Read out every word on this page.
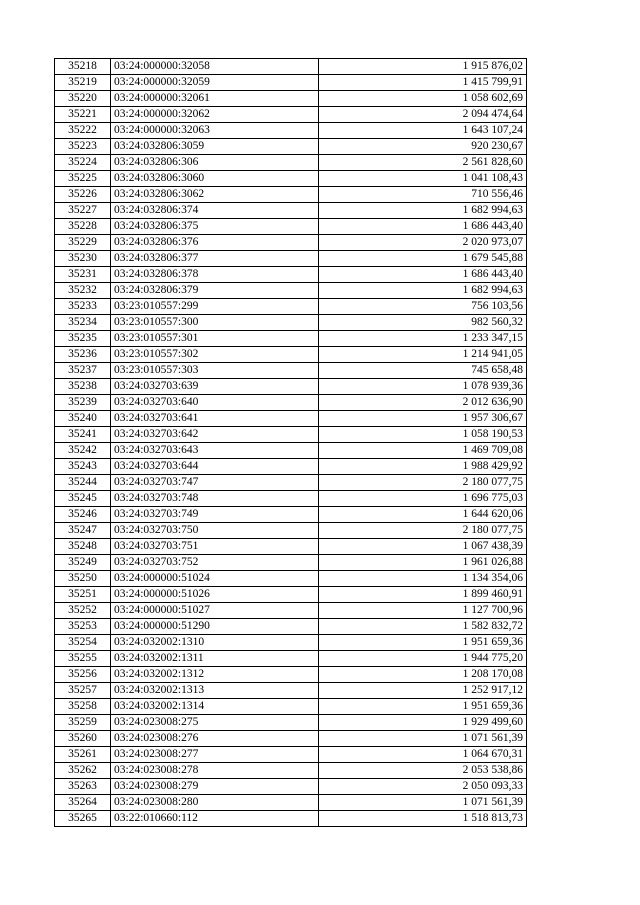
35218	03:24:000000:32058	1 915 876,02
35219	03:24:000000:32059	1 415 799,91
35220	03:24:000000:32061	1 058 602,69
35221	03:24:000000:32062	2 094 474,64
35222	03:24:000000:32063	1 643 107,24
35223	03:24:032806:3059	920 230,67
35224	03:24:032806:306	2 561 828,60
35225	03:24:032806:3060	1 041 108,43
35226	03:24:032806:3062	710 556,46
35227	03:24:032806:374	1 682 994,63
35228	03:24:032806:375	1 686 443,40
35229	03:24:032806:376	2 020 973,07
35230	03:24:032806:377	1 679 545,88
35231	03:24:032806:378	1 686 443,40
35232	03:24:032806:379	1 682 994,63
35233	03:23:010557:299	756 103,56
35234	03:23:010557:300	982 560,32
35235	03:23:010557:301	1 233 347,15
35236	03:23:010557:302	1 214 941,05
35237	03:23:010557:303	745 658,48
35238	03:24:032703:639	1 078 939,36
35239	03:24:032703:640	2 012 636,90
35240	03:24:032703:641	1 957 306,67
35241	03:24:032703:642	1 058 190,53
35242	03:24:032703:643	1 469 709,08
35243	03:24:032703:644	1 988 429,92
35244	03:24:032703:747	2 180 077,75
35245	03:24:032703:748	1 696 775,03
35246	03:24:032703:749	1 644 620,06
35247	03:24:032703:750	2 180 077,75
35248	03:24:032703:751	1 067 438,39
35249	03:24:032703:752	1 961 026,88
35250	03:24:000000:51024	1 134 354,06
35251	03:24:000000:51026	1 899 460,91
35252	03:24:000000:51027	1 127 700,96
35253	03:24:000000:51290	1 582 832,72
35254	03:24:032002:1310	1 951 659,36
35255	03:24:032002:1311	1 944 775,20
35256	03:24:032002:1312	1 208 170,08
35257	03:24:032002:1313	1 252 917,12
35258	03:24:032002:1314	1 951 659,36
35259	03:24:023008:275	1 929 499,60
35260	03:24:023008:276	1 071 561,39
35261	03:24:023008:277	1 064 670,31
35262	03:24:023008:278	2 053 538,86
35263	03:24:023008:279	2 050 093,33
35264	03:24:023008:280	1 071 561,39
35265	03:22:010660:112	1 518 813,73
